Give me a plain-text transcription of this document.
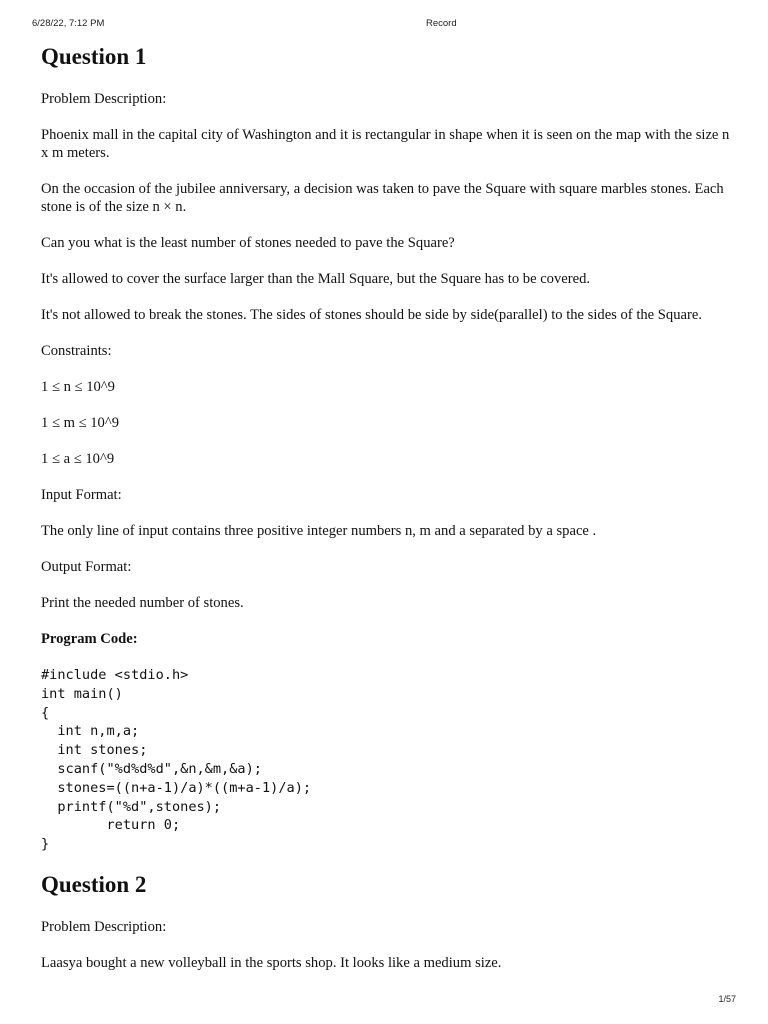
6/28/22, 7:12 PM	Record
Question 1

Problem Description:

Phoenix mall in the capital city of Washington and it is rectangular in shape when it is seen on the map with the size n x m meters.

On the occasion of the jubilee anniversary, a decision was taken to pave the Square with square marbles stones. Each stone is of the size n × n.

Can you what is the least number of stones needed to pave the Square?

It's allowed to cover the surface larger than the Mall Square, but the Square has to be covered.

It's not allowed to break the stones. The sides of stones should be side by side(parallel) to the sides of the Square.

Constraints:

1 ≤ n ≤ 10^9

1 ≤ m ≤ 10^9

1 ≤ a ≤ 10^9

Input Format:

The only line of input contains three positive integer numbers n, m and a separated by a space .

Output Format:

Print the needed number of stones.

Program Code:

#include <stdio.h>
int main()
{
int n,m,a;
int stones;
scanf("%d%d%d",&n,&m,&a);
stones=((n+a-1)/a)*((m+a-1)/a);
printf("%d",stones);
return 0;
}
Question 2

Problem Description:

Laasya bought a new volleyball in the sports shop. It looks like a medium size.

1/57
